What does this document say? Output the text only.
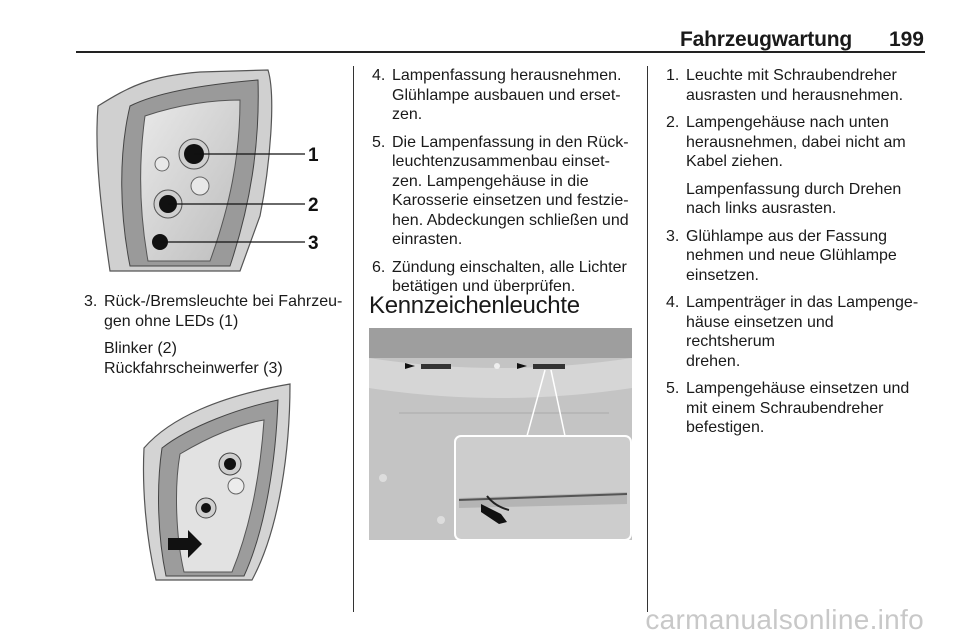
Fahrzeugwartung 199
1
2
3
3. Rück-/Bremsleuchte bei Fahrzeu-
gen ohne LEDs (1)
Blinker (2)
Rückfahrscheinwerfer (3)
4. Lampenfassung herausnehmen.
Glühlampe ausbauen und erset-
zen.
5. Die Lampenfassung in den Rück-
leuchtenzusammenbau einset-
zen. Lampengehäuse in die
Karosserie einsetzen und festzie-
hen. Abdeckungen schließen und
einrasten.
6. Zündung einschalten, alle Lichter
betätigen und überprüfen.
Kennzeichenleuchte
1. Leuchte mit Schraubendreher
ausrasten und herausnehmen.
2. Lampengehäuse nach unten
herausnehmen, dabei nicht am
Kabel ziehen.
Lampenfassung durch Drehen
nach links ausrasten.
3. Glühlampe aus der Fassung
nehmen und neue Glühlampe
einsetzen.
4. Lampenträger in das Lampenge-
häuse einsetzen und rechtsherum
drehen.
5. Lampengehäuse einsetzen und
mit einem Schraubendreher
befestigen.
carmanualsonline.info
